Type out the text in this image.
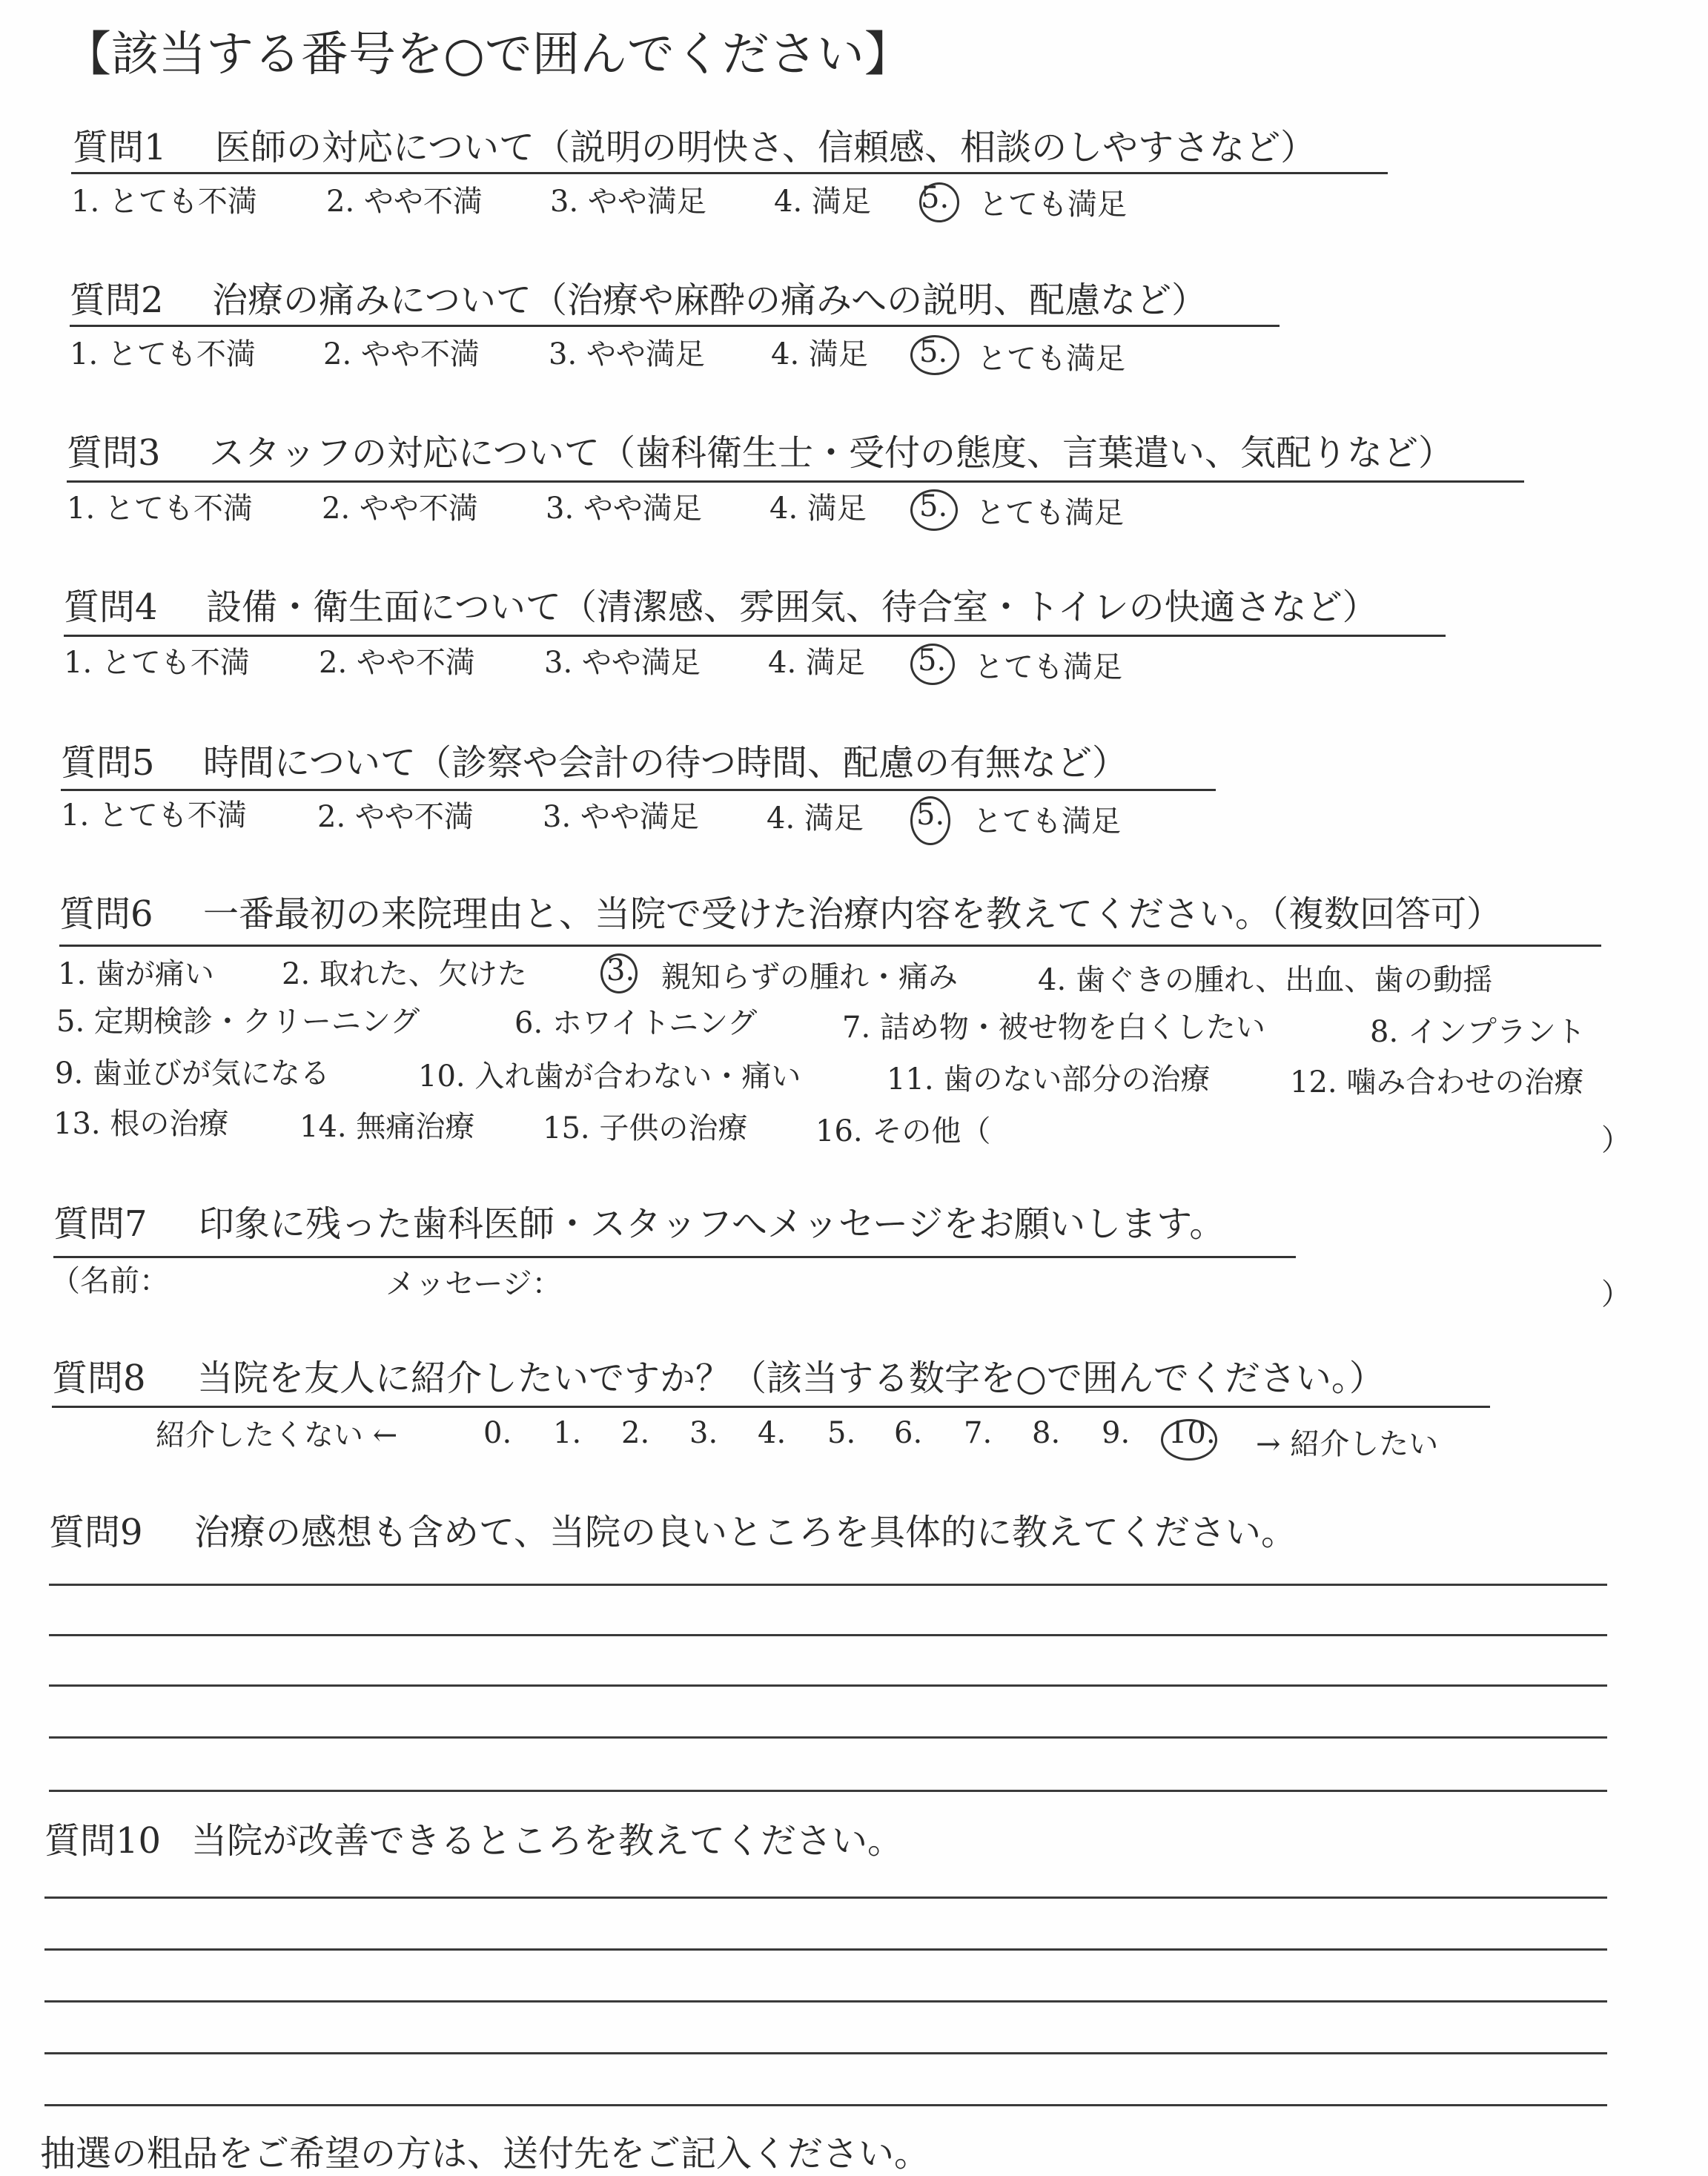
【該当する番号を○で囲んでください】
質問1 医師の対応について（説明の明快さ、信頼感、相談のしやすさなど）
1. とても不満 2. やや不満 3. やや満足 4. 満足 5. とても満足
質問2 治療の痛みについて（治療や麻酔の痛みへの説明、配慮など）
1. とても不満 2. やや不満 3. やや満足 4. 満足 5. とても満足
質問3 スタッフの対応について（歯科衛生士・受付の態度、言葉遣い、気配りなど）
1. とても不満 2. やや不満 3. やや満足 4. 満足 5. とても満足
質問4 設備・衛生面について（清潔感、雰囲気、待合室・トイレの快適さなど）
1. とても不満 2. やや不満 3. やや満足 4. 満足 5. とても満足
質問5 時間について（診察や会計の待つ時間、配慮の有無など）
1. とても不満 2. やや不満 3. やや満足 4. 満足 5. とても満足
質問6 一番最初の来院理由と、当院で受けた治療内容を教えてください。（複数回答可）
1. 歯が痛い 2. 取れた、欠けた	3. 親知らずの腫れ・痛み	4. 歯ぐきの腫れ、出血、歯の動揺
5. 定期検診・クリーニング	6. ホワイトニング	7. 詰め物・被せ物を白くしたい	8. インプラント
9. 歯並びが気になる	10. 入れ歯が合わない・痛い	11. 歯のない部分の治療	12. 噛み合わせの治療
13. 根の治療 14. 無痛治療 15. 子供の治療 16. その他（	）
質問7 印象に残った歯科医師・スタッフへメッセージをお願いします。
（名前：	メッセージ：	）
質問8 当院を友人に紹介したいですか？（該当する数字を○で囲んでください。）
紹介したくない ←	0. 1. 2. 3. 4. 5. 6. 7. 8. 9. 10. → 紹介したい
質問9 治療の感想も含めて、当院の良いところを具体的に教えてください。
質問10 当院が改善できるところを教えてください。
抽選の粗品をご希望の方は、送付先をご記入ください。
